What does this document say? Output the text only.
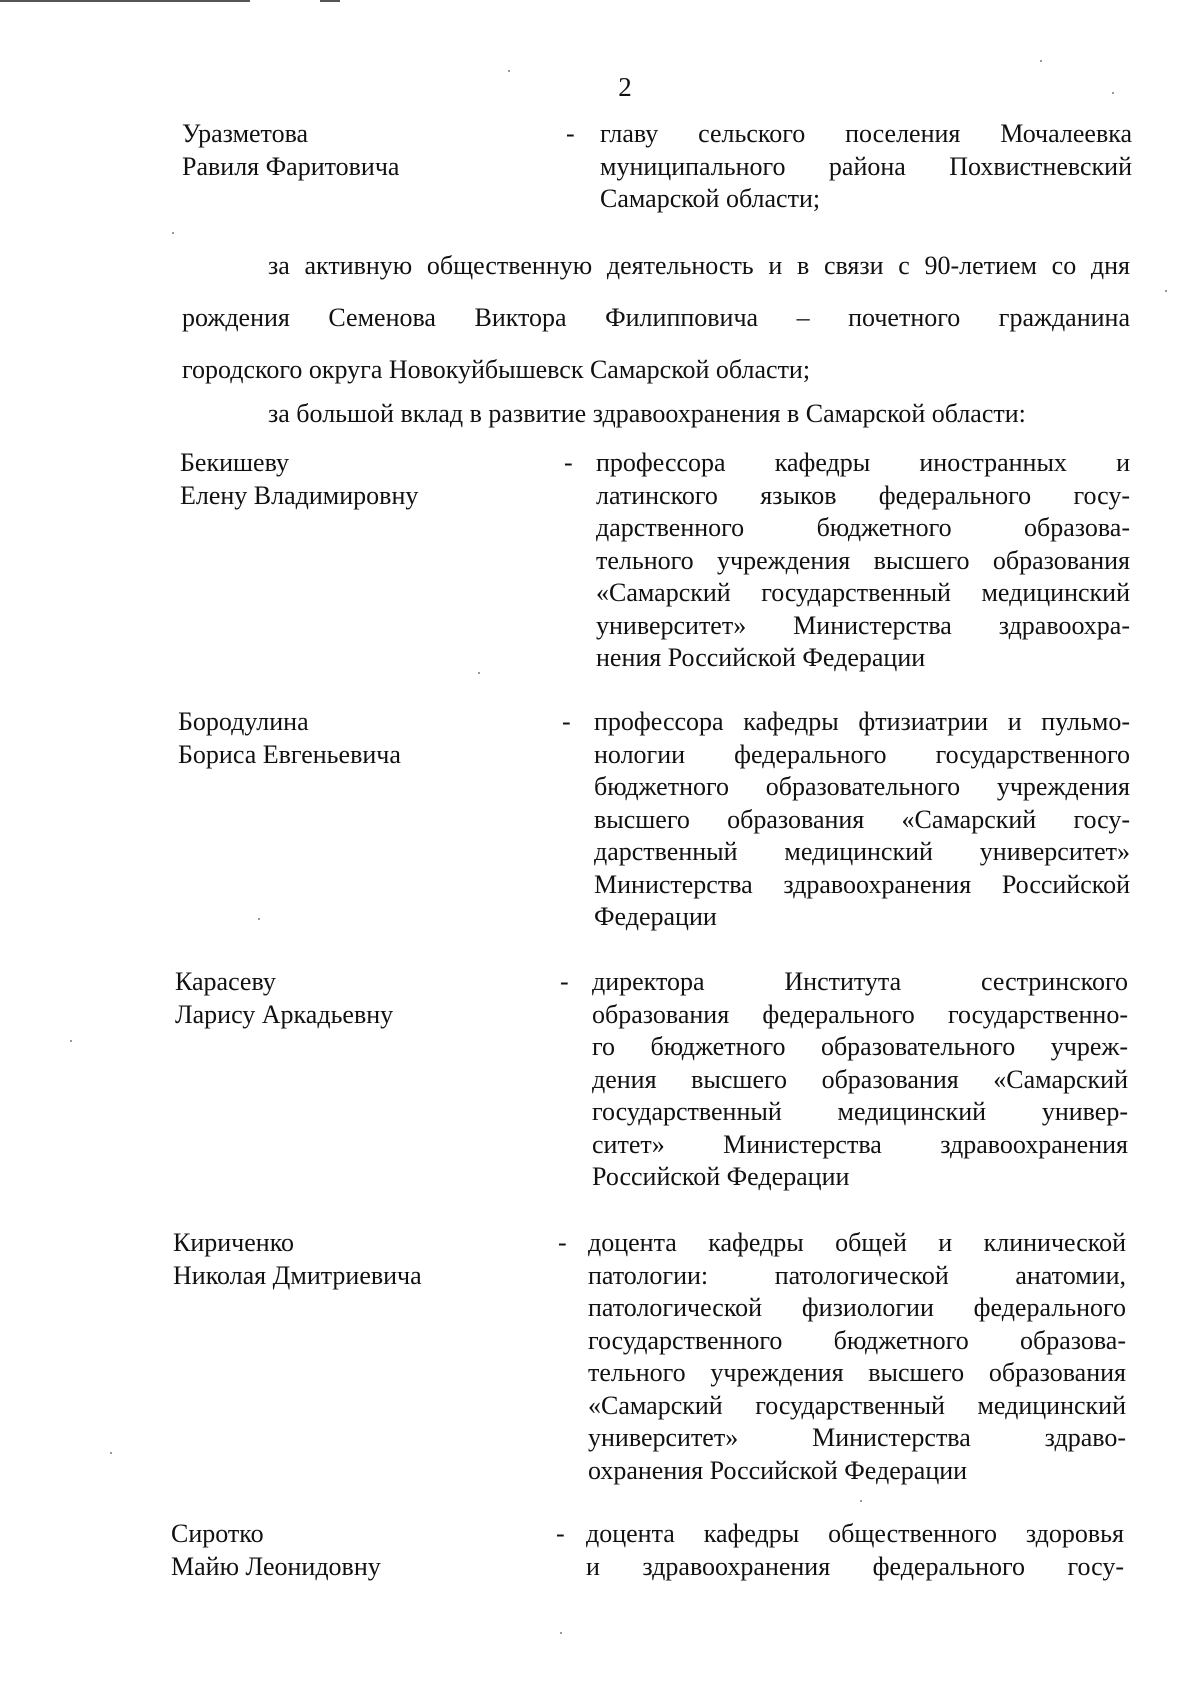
2
Уразметова
Равиля Фаритовича
- главу сельского поселения Мочалеевка
муниципального района Похвистневский
Самарской области;
за активную общественную деятельность и в связи с 90-летием со дня
рождения Семенова Виктора Филипповича – почетного гражданина
городского округа Новокуйбышевск Самарской области;
за большой вклад в развитие здравоохранения в Самарской области:
Бекишеву
Елену Владимировну
- профессора кафедры иностранных и
латинского языков федерального госу-
дарственного бюджетного образова-
тельного учреждения высшего образования
«Самарский государственный медицинский
университет» Министерства здравоохра-
нения Российской Федерации
Бородулина
Бориса Евгеньевича
- профессора кафедры фтизиатрии и пульмо-
нологии федерального государственного
бюджетного образовательного учреждения
высшего образования «Самарский госу-
дарственный медицинский университет»
Министерства здравоохранения Российской
Федерации
Карасеву
Ларису Аркадьевну
- директора Института сестринского
образования федерального государственно-
го бюджетного образовательного учреж-
дения высшего образования «Самарский
государственный медицинский универ-
ситет» Министерства здравоохранения
Российской Федерации
Кириченко
Николая Дмитриевича
- доцента кафедры общей и клинической
патологии: патологической анатомии,
патологической физиологии федерального
государственного бюджетного образова-
тельного учреждения высшего образования
«Самарский государственный медицинский
университет» Министерства здраво-
охранения Российской Федерации
Сиротко
Майю Леонидовну
- доцента кафедры общественного здоровья
и здравоохранения федерального госу-
